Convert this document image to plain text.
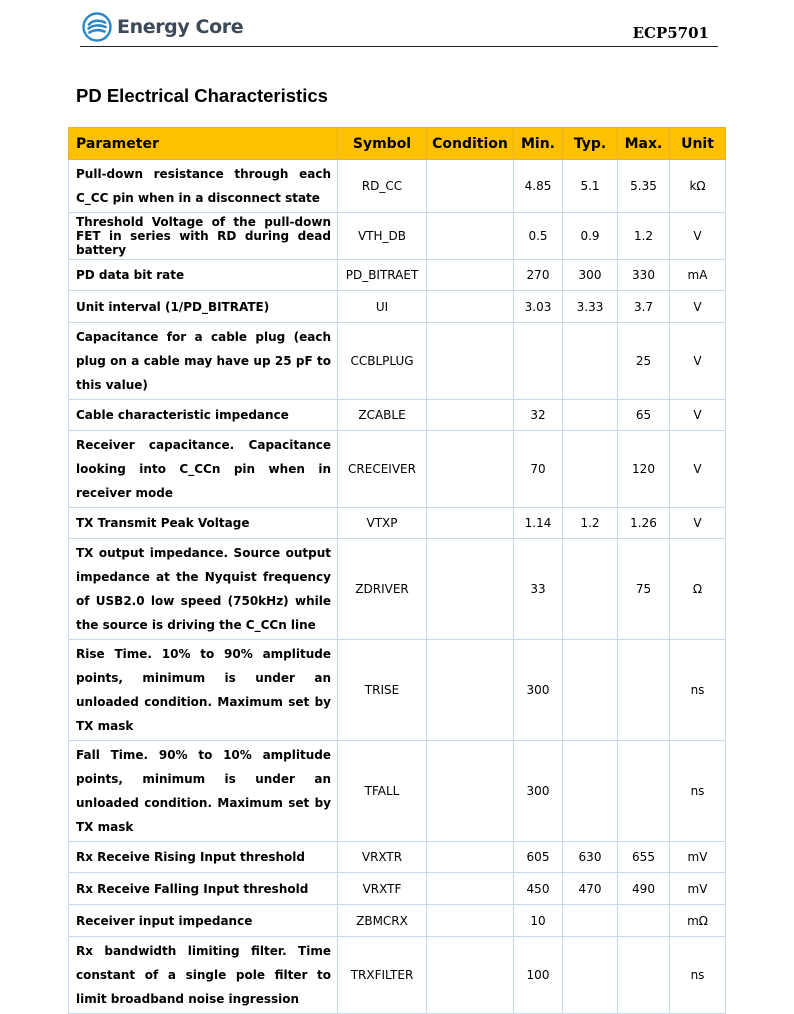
Energy Core	ECP5701
PD Electrical Characteristics
Parameter	Symbol	Condition	Min.	Typ.	Max.	Unit
Pull-down resistance through each C_CC pin when in a disconnect state	RD_CC		4.85	5.1	5.35	kΩ
Threshold Voltage of the pull-down FET in series with RD during dead battery	VTH_DB		0.5	0.9	1.2	V
PD data bit rate	PD_BITRAET		270	300	330	mA
Unit interval (1/PD_BITRATE)	UI		3.03	3.33	3.7	V
Capacitance for a cable plug (each plug on a cable may have up 25 pF to this value)	CCBLPLUG				25	V
Cable characteristic impedance	ZCABLE		32		65	V
Receiver capacitance. Capacitance looking into C_CCn pin when in receiver mode	CRECEIVER		70		120	V
TX Transmit Peak Voltage	VTXP		1.14	1.2	1.26	V
TX output impedance. Source output impedance at the Nyquist frequency of USB2.0 low speed (750kHz) while the source is driving the C_CCn line	ZDRIVER		33		75	Ω
Rise Time. 10% to 90% amplitude points, minimum is under an unloaded condition. Maximum set by TX mask	TRISE		300			ns
Fall Time. 90% to 10% amplitude points, minimum is under an unloaded condition. Maximum set by TX mask	TFALL		300			ns
Rx Receive Rising Input threshold	VRXTR		605	630	655	mV
Rx Receive Falling Input threshold	VRXTF		450	470	490	mV
Receiver input impedance	ZBMCRX		10			mΩ
Rx bandwidth limiting filter. Time constant of a single pole filter to limit broadband noise ingression	TRXFILTER		100			ns
